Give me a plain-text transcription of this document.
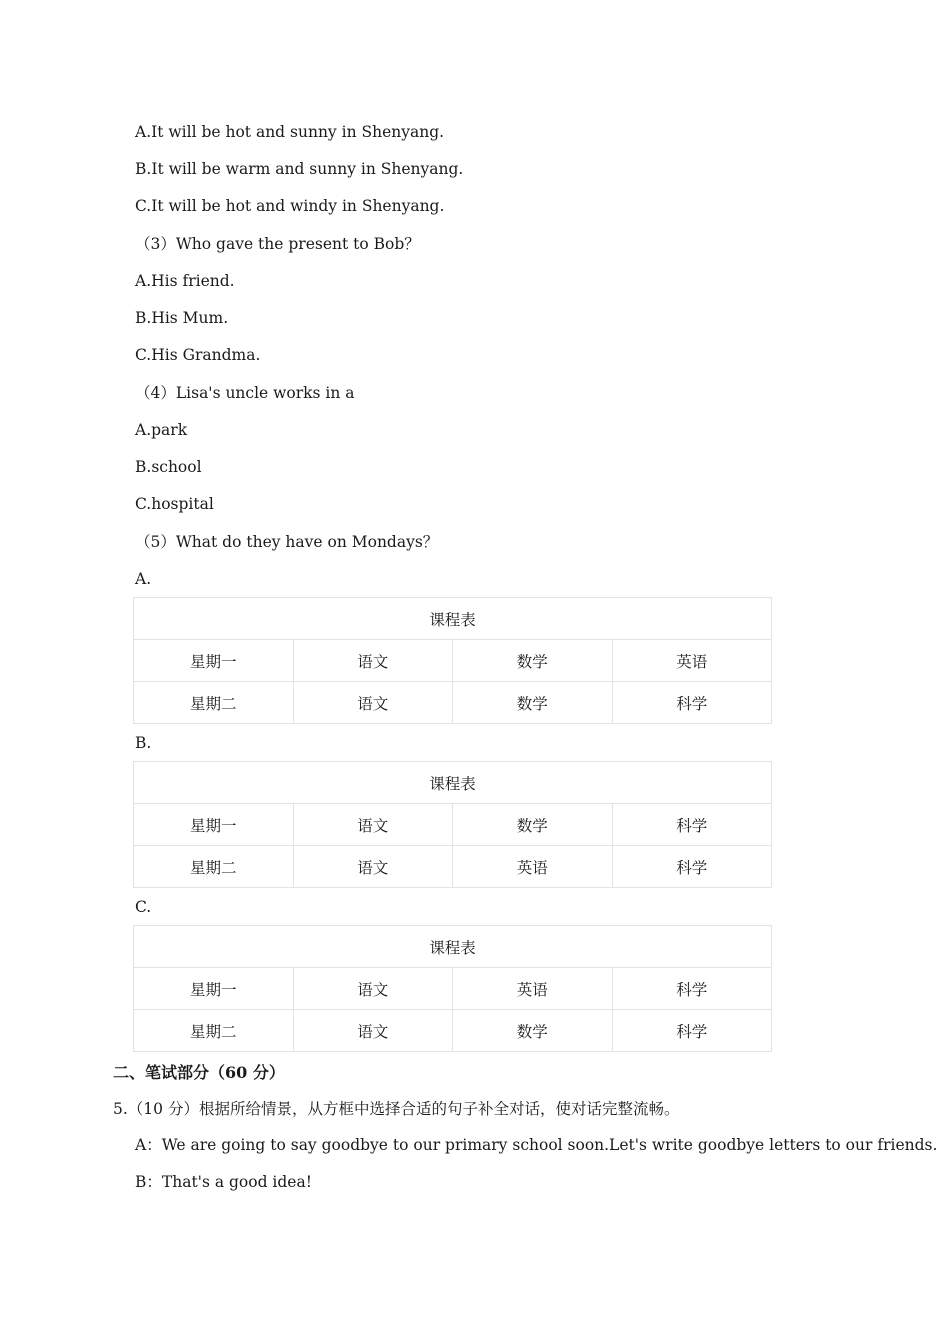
A.It will be hot and sunny in Shenyang.
B.It will be warm and sunny in Shenyang.
C.It will be hot and windy in Shenyang.
（3）Who gave the present to Bob？
A.His friend.
B.His Mum.
C.His Grandma.
（4）Lisa's uncle works in a
A.park
B.school
C.hospital
（5）What do they have on Mondays？
A.
课程表			
星期一	语文	数学	英语
星期二	语文	数学	科学
B.
课程表			
星期一	语文	数学	科学
星期二	语文	英语	科学
C.
课程表			
星期一	语文	英语	科学
星期二	语文	数学	科学
二、笔试部分（60 分）
5.（10 分）根据所给情景，从方框中选择合适的句子补全对话，使对话完整流畅。
A：We are going to say goodbye to our primary school soon.Let's write goodbye letters to our friends.
B：That's a good idea!
